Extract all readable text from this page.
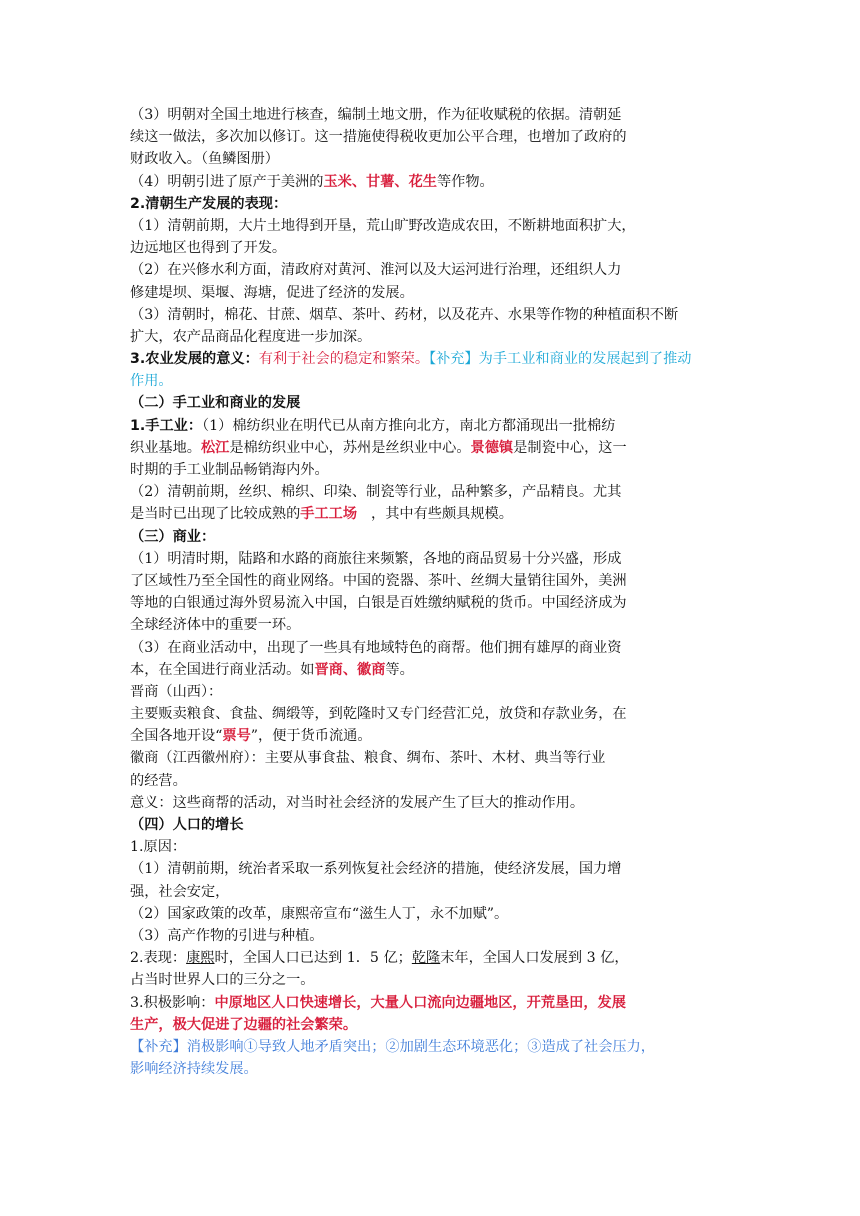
（3）明朝对全国土地进行核查，编制土地文册，作为征收赋税的依据。清朝延
续这一做法，多次加以修订。这一措施使得税收更加公平合理，也增加了政府的
财政收入。（鱼鳞图册）
（4）明朝引进了原产于美洲的玉米、甘薯、花生等作物。
2.清朝生产发展的表现：
（1）清朝前期，大片土地得到开垦，荒山旷野改造成农田，不断耕地面积扩大，
边远地区也得到了开发。
（2）在兴修水利方面，清政府对黄河、淮河以及大运河进行治理，还组织人力
修建堤坝、渠堰、海塘，促进了经济的发展。
（3）清朝时，棉花、甘蔗、烟草、茶叶、药材，以及花卉、水果等作物的种植面积不断
扩大，农产品商品化程度进一步加深。
3.农业发展的意义：有利于社会的稳定和繁荣。【补充】为手工业和商业的发展起到了推动
作用。
（二）手工业和商业的发展
1.手工业：（1）棉纺织业在明代已从南方推向北方，南北方都涌现出一批棉纺
织业基地。松江是棉纺织业中心，苏州是丝织业中心。景德镇是制瓷中心，这一
时期的手工业制品畅销海内外。
（2）清朝前期，丝织、棉织、印染、制瓷等行业，品种繁多，产品精良。尤其
是当时已出现了比较成熟的手工工场 ，其中有些颇具规模。
（三）商业：
（1）明清时期，陆路和水路的商旅往来频繁，各地的商品贸易十分兴盛，形成
了区域性乃至全国性的商业网络。中国的瓷器、茶叶、丝绸大量销往国外，美洲
等地的白银通过海外贸易流入中国，白银是百姓缴纳赋税的货币。中国经济成为
全球经济体中的重要一环。
（3）在商业活动中，出现了一些具有地域特色的商帮。他们拥有雄厚的商业资
本，在全国进行商业活动。如晋商、徽商等。
晋商（山西）：
主要贩卖粮食、食盐、绸缎等，到乾隆时又专门经营汇兑，放贷和存款业务，在
全国各地开设“票号”，便于货币流通。
徽商（江西徽州府）：主要从事食盐、粮食、绸布、茶叶、木材、典当等行业
的经营。
意义：这些商帮的活动，对当时社会经济的发展产生了巨大的推动作用。
（四）人口的增长
1.原因：
（1）清朝前期，统治者采取一系列恢复社会经济的措施，使经济发展，国力增
强，社会安定，
（2）国家政策的改革，康熙帝宣布“滋生人丁，永不加赋”。
（3）高产作物的引进与种植。
2.表现：康熙时，全国人口已达到 1．5 亿；乾隆末年，全国人口发展到 3 亿，
占当时世界人口的三分之一。
3.积极影响：中原地区人口快速增长，大量人口流向边疆地区，开荒垦田，发展
生产，极大促进了边疆的社会繁荣。
【补充】消极影响①导致人地矛盾突出；②加剧生态环境恶化；③造成了社会压力，
影响经济持续发展。
